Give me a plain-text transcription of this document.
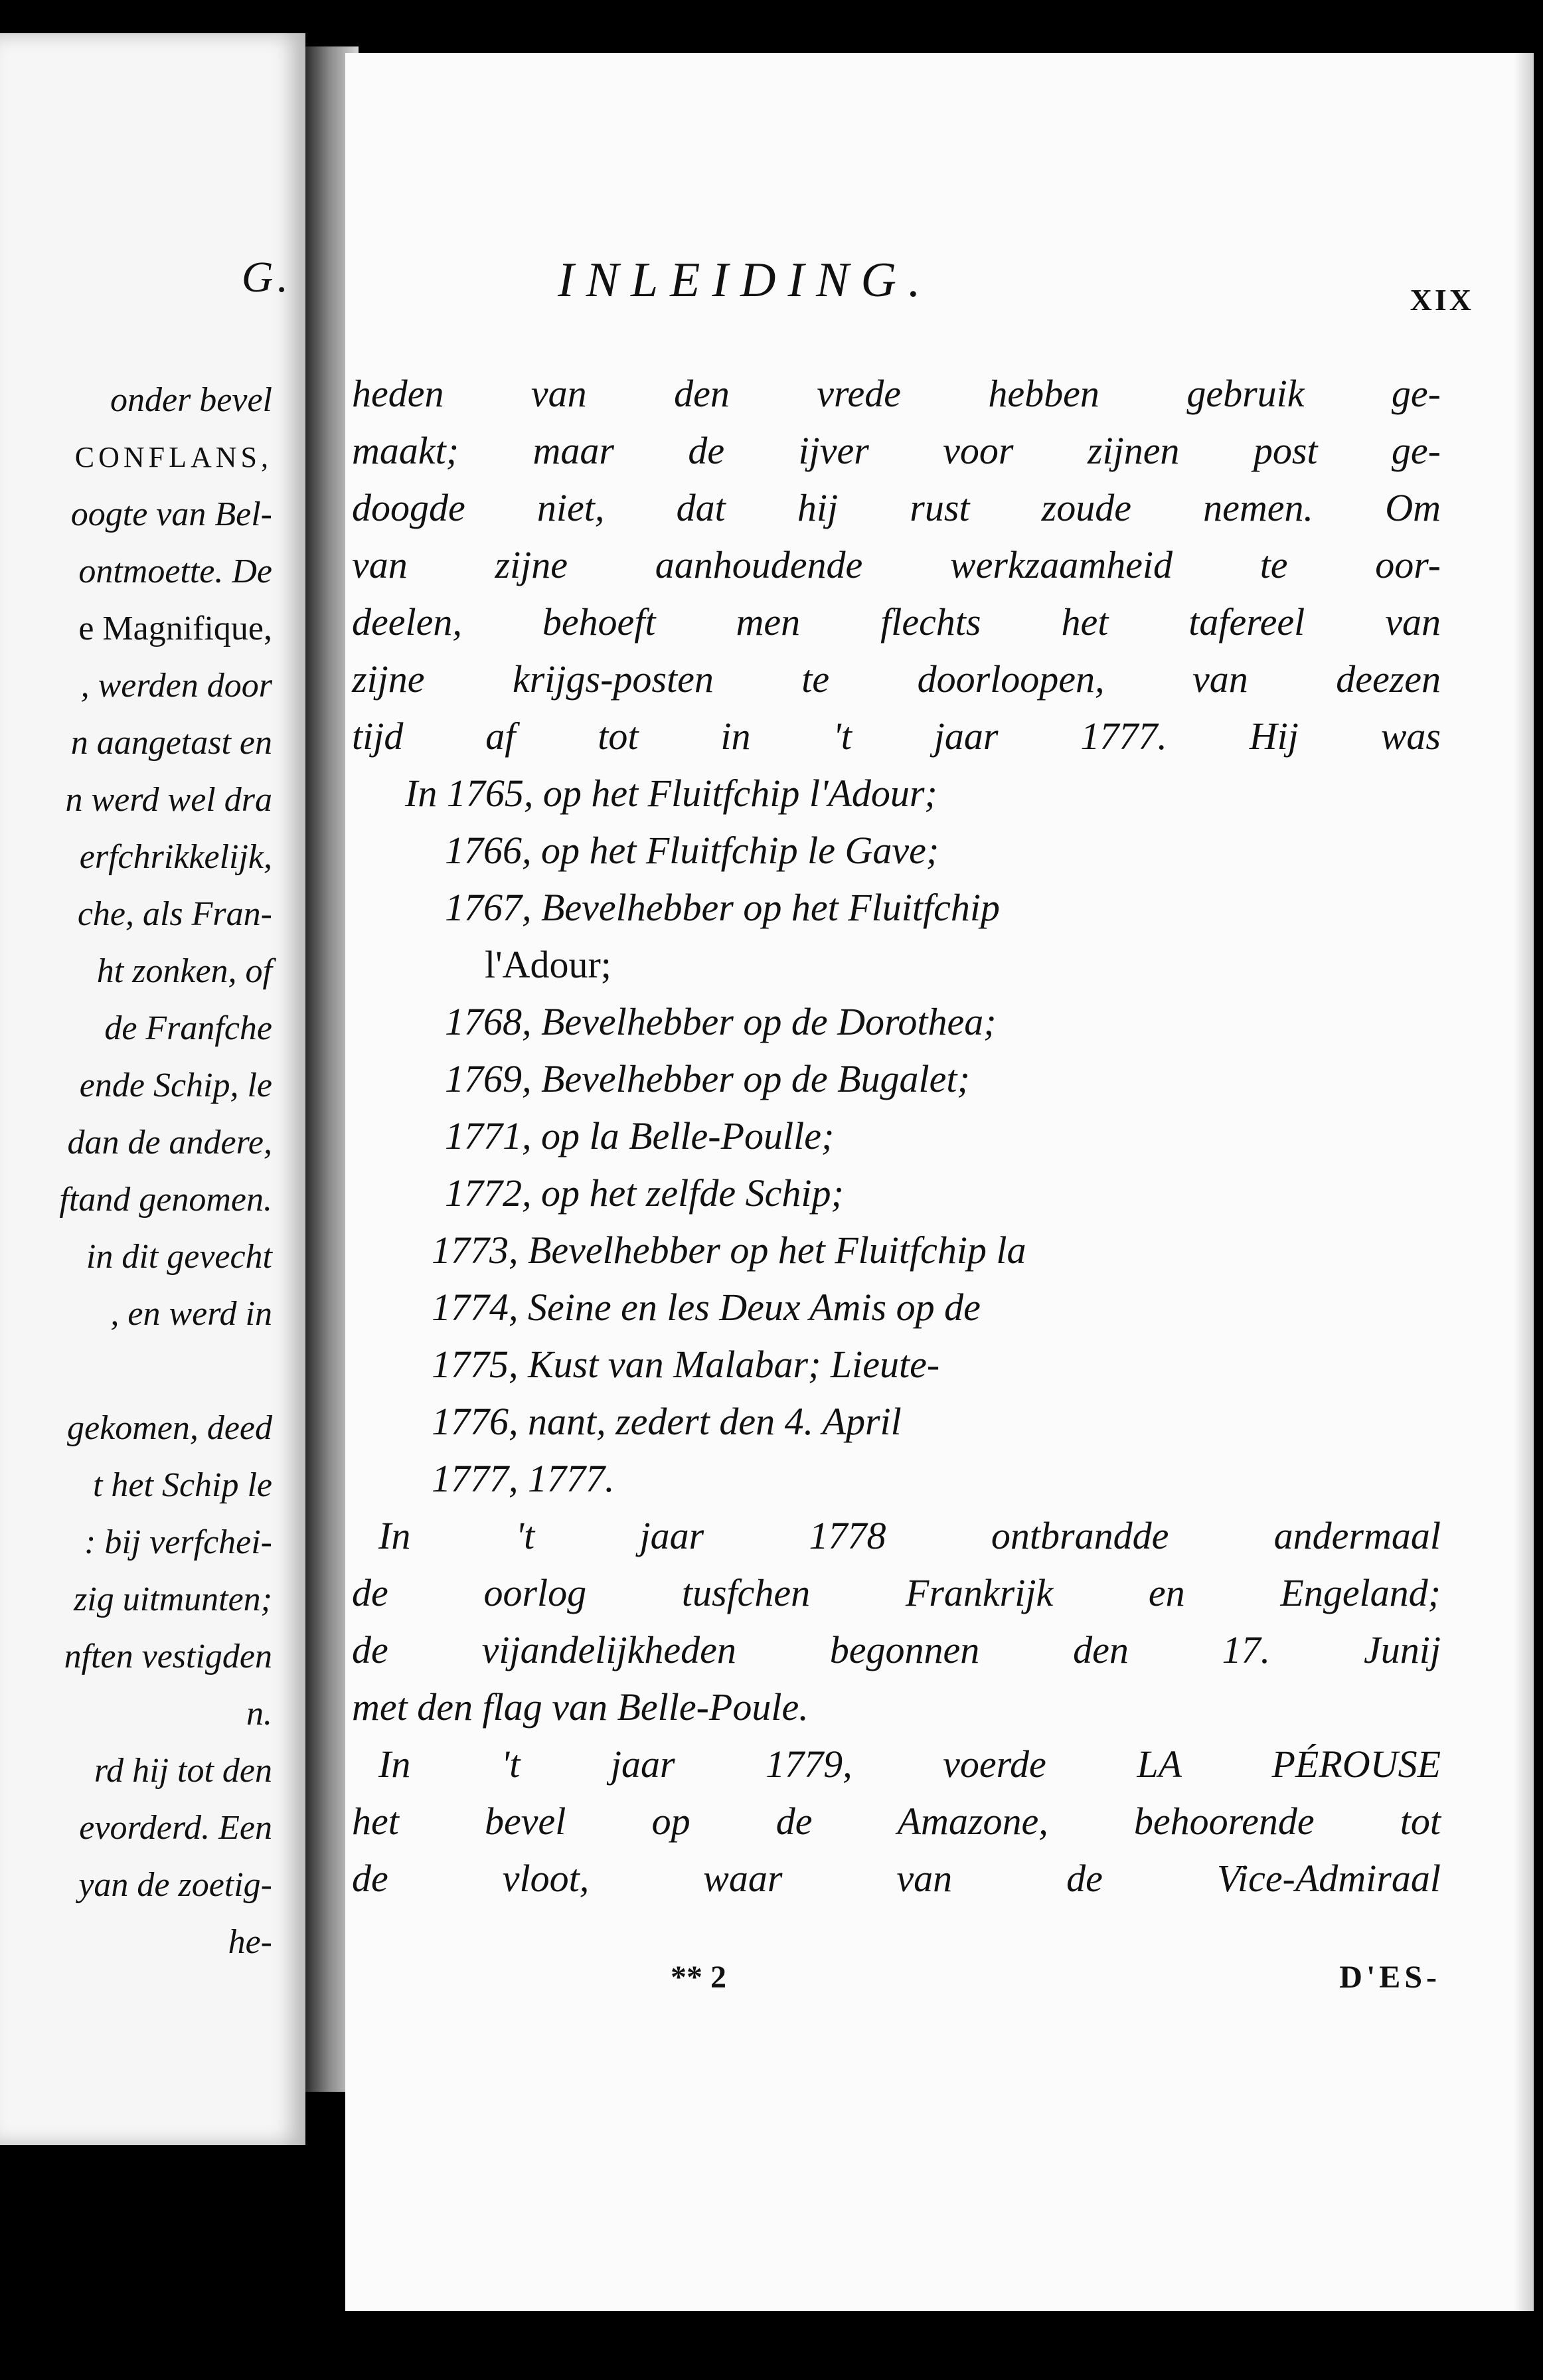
G.
onder bevel
CONFLANS,
oogte van Bel-
ontmoette. De
e Magnifique,
, werden door
n aangetast en
n werd wel dra
erfchrikkelijk,
che, als Fran-
ht zonken, of
de Franfche
ende Schip, le
dan de andere,
ftand genomen.
in dit gevecht
, en werd in
gekomen, deed
t het Schip le
: bij verfchei-
zig uitmunten;
nften vestigden
n.
rd hij tot den
evorderd. Een
yan de zoetig-
he-
INLEIDING.	XIX
heden van den vrede hebben gebruik ge-
maakt; maar de ijver voor zijnen post ge-
doogde niet, dat hij rust zoude nemen. Om
van zijne aanhoudende werkzaamheid te oor-
deelen, behoeft men flechts het tafereel van
zijne krijgs-posten te doorloopen, van deezen
tijd af tot in 't jaar 1777. Hij was
In 1765, op het Fluitfchip l'Adour;
1766, op het Fluitfchip le Gave;
1767, Bevelhebber op het Fluitfchip
l'Adour;
1768, Bevelhebber op de Dorothea;
1769, Bevelhebber op de Bugalet;
1771, op la Belle-Poulle;
1772, op het zelfde Schip;
1773, Bevelhebber op het Fluitfchip la
1774, Seine en les Deux Amis op de
1775, Kust van Malabar; Lieute-
1776, nant, zedert den 4. April
1777, 1777.
In 't jaar 1778 ontbrandde andermaal
de oorlog tusfchen Frankrijk en Engeland;
de vijandelijkheden begonnen den 17. Junij
met den flag van Belle-Poule.
In 't jaar 1779, voerde LA PÉROUSE
het bevel op de Amazone, behoorende tot
de vloot, waar van de Vice-Admiraal
** 2	D'ES-
